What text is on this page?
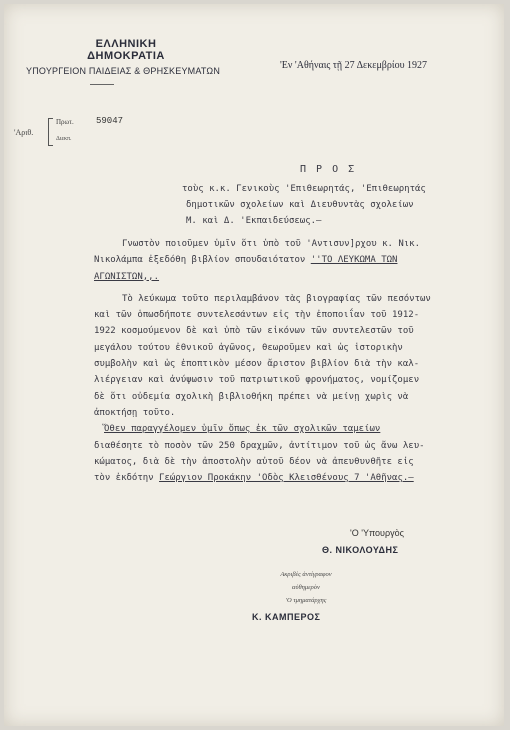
ΕΛΛΗΝΙΚΗ ΔΗΜΟΚΡΑΤΙΑ
ΥΠΟΥΡΓΕΙΟΝ ΠΑΙΔΕΙΑΣ & ΘΡΗΣΚΕΥΜΑΤΩΝ	'Εν 'Αθήναις τῇ 27 Δεκεμβρίου 1927
'Αριθ.
Πρωτ. 59047
Διεκπ.
Π Ρ Ο Σ
τοὺς κ.κ. Γενικοὺς 'Επιθεωρητάς, 'Επιθεωρητάς
δημοτικῶν σχολείων καὶ Διευθυντὰς σχολείων
Μ. καὶ Δ. 'Εκπαιδεύσεως.—
Γνωστὸν ποιοῦμεν ὑμῖν ὅτι ὑπὸ τοῦ 'Αντισυν]ρχου κ. Νικ.
Νικολάμπα ἐξεδόθη βιβλίον σπουδαιότατον ''ΤΟ ΛΕΥΚΩΜΑ ΤΩΝ
ΑΓΩΝΙΣΤΩΝ,,.
Τὸ λεύκωμα τοῦτο περιλαμβάνον τὰς βιογραφίας τῶν πεσόντων
καὶ τῶν ὁπωσδήποτε συντελεσάντων εἰς τὴν ἐποποιΐαν τοῦ 1912-
1922 κοσμούμενον δὲ καὶ ὑπὸ τῶν εἰκόνων τῶν συντελεστῶν τοῦ
μεγάλου τούτου ἐθνικοῦ ἀγῶνος, θεωροῦμεν καὶ ὡς ἱστορικὴν
συμβολὴν καὶ ὡς ἐποπτικὸν μέσον ἄριστον βιβλίον διὰ τὴν καλ-
λιέργειαν καὶ ἀνύψωσιν τοῦ πατριωτικοῦ φρονήματος, νομίζομεν
δὲ ὅτι οὐδεμία σχολικὴ βιβλιοθήκη πρέπει νὰ μείνῃ χωρὶς νὰ
ἀποκτήσῃ τοῦτο.
Ὅθεν παραγγέλομεν ὑμῖν ὅπως ἐκ τῶν σχολικῶν ταμείων
διαθέσητε τὸ ποσὸν τῶν 250 δραχμῶν, ἀντίτιμον τοῦ ὡς ἄνω λευ-
κώματος, διὰ δὲ τὴν ἀποστολὴν αὐτοῦ δέον νὰ ἀπευθυνθῆτε εἰς
τὸν ἐκδότην Γεώργιον Προκάκην 'Οδὸς Κλεισθένους 7 'Αθῆνας.—
'Ο 'Υπουργὸς
Θ. ΝΙΚΟΛΟΥΔΗΣ
Ακριβὲς ἀντίγραφον
αὐθημερὸν
'Ο τμηματάρχης
Κ. ΚΑΜΠΕΡΟΣ
